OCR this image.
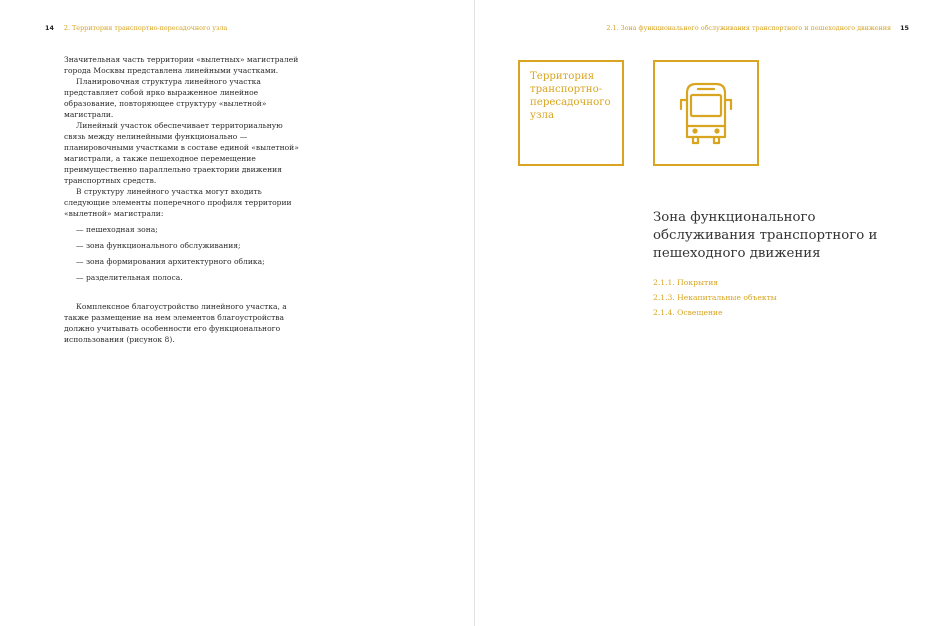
14 2. Территория транспортно-пересадочного узла

Значительная часть территории «вылетных» магистралей города Москвы представлена линейными участками.

Планировочная структура линейного участка представляет собой ярко выраженное линейное образование, повторяющее структуру «вылетной» магистрали.

Линейный участок обеспечивает территориальную связь между нелинейными функционально — планировочными участками в составе единой «вылетной» магистрали, а также пешеходное перемещение преимущественно параллельно траектории движения транспортных средств.

В структуру линейного участка могут входить следующие элементы поперечного профиля территории «вылетной» магистрали:

— пешеходная зона;
— зона функционального обслуживания;
— зона формирования архитектурного облика;
— разделительная полоса.

Комплексное благоустройство линейного участка, а также размещение на нем элементов благоустройства должно учитывать особенности его функционального использования (рисунок 8).

2.1. Зона функционального обслуживания транспортного и пешеходного движения 15
Территория транспортно-пересадочного узла
Зона функционального обслуживания транспортного и пешеходного движения
2.1.1. Покрытия
2.1.3. Некапитальные объекты
2.1.4. Освещение
